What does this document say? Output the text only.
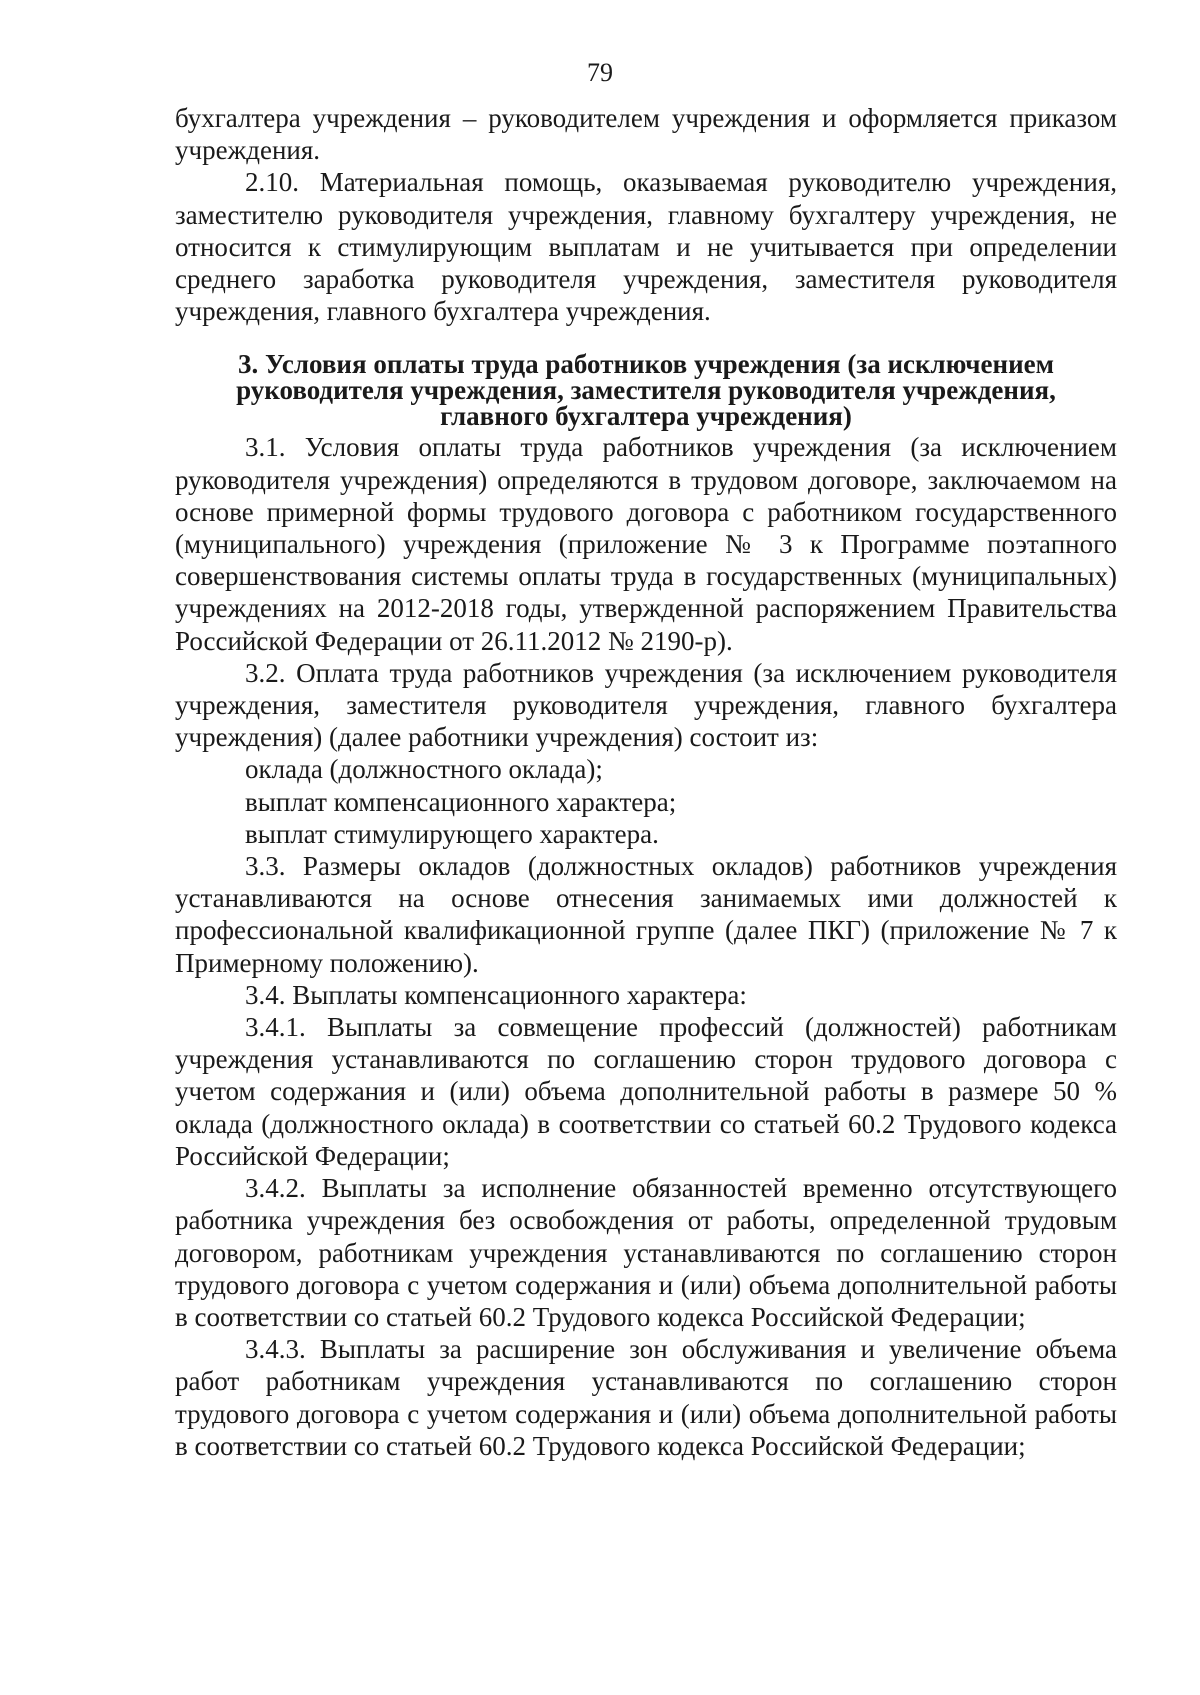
79

бухгалтера учреждения – руководителем учреждения и оформляется приказом учреждения.

2.10. Материальная помощь, оказываемая руководителю учреждения, заместителю руководителя учреждения, главному бухгалтеру учреждения, не относится к стимулирующим выплатам и не учитывается при определении среднего заработка руководителя учреждения, заместителя руководителя учреждения, главного бухгалтера учреждения.

3. Условия оплаты труда работников учреждения (за исключением
руководителя учреждения, заместителя руководителя учреждения,
главного бухгалтера учреждения)

3.1. Условия оплаты труда работников учреждения (за исключением руководителя учреждения) определяются в трудовом договоре, заключаемом на основе примерной формы трудового договора с работником государственного (муниципального) учреждения (приложение № 3 к Программе поэтапного совершенствования системы оплаты труда в государственных (муниципальных) учреждениях на 2012-2018 годы, утвержденной распоряжением Правительства Российской Федерации от 26.11.2012 № 2190-р).

3.2. Оплата труда работников учреждения (за исключением руководителя учреждения, заместителя руководителя учреждения, главного бухгалтера учреждения) (далее работники учреждения) состоит из:

оклада (должностного оклада);

выплат компенсационного характера;

выплат стимулирующего характера.

3.3. Размеры окладов (должностных окладов) работников учреждения устанавливаются на основе отнесения занимаемых ими должностей к профессиональной квалификационной группе (далее ПКГ) (приложение № 7 к Примерному положению).

3.4. Выплаты компенсационного характера:

3.4.1. Выплаты за совмещение профессий (должностей) работникам учреждения устанавливаются по соглашению сторон трудового договора с учетом содержания и (или) объема дополнительной работы в размере 50 % оклада (должностного оклада) в соответствии со статьей 60.2 Трудового кодекса Российской Федерации;

3.4.2. Выплаты за исполнение обязанностей временно отсутствующего работника учреждения без освобождения от работы, определенной трудовым договором, работникам учреждения устанавливаются по соглашению сторон трудового договора с учетом содержания и (или) объема дополнительной работы в соответствии со статьей 60.2 Трудового кодекса Российской Федерации;

3.4.3. Выплаты за расширение зон обслуживания и увеличение объема работ работникам учреждения устанавливаются по соглашению сторон трудового договора с учетом содержания и (или) объема дополнительной работы в соответствии со статьей 60.2 Трудового кодекса Российской Федерации;
